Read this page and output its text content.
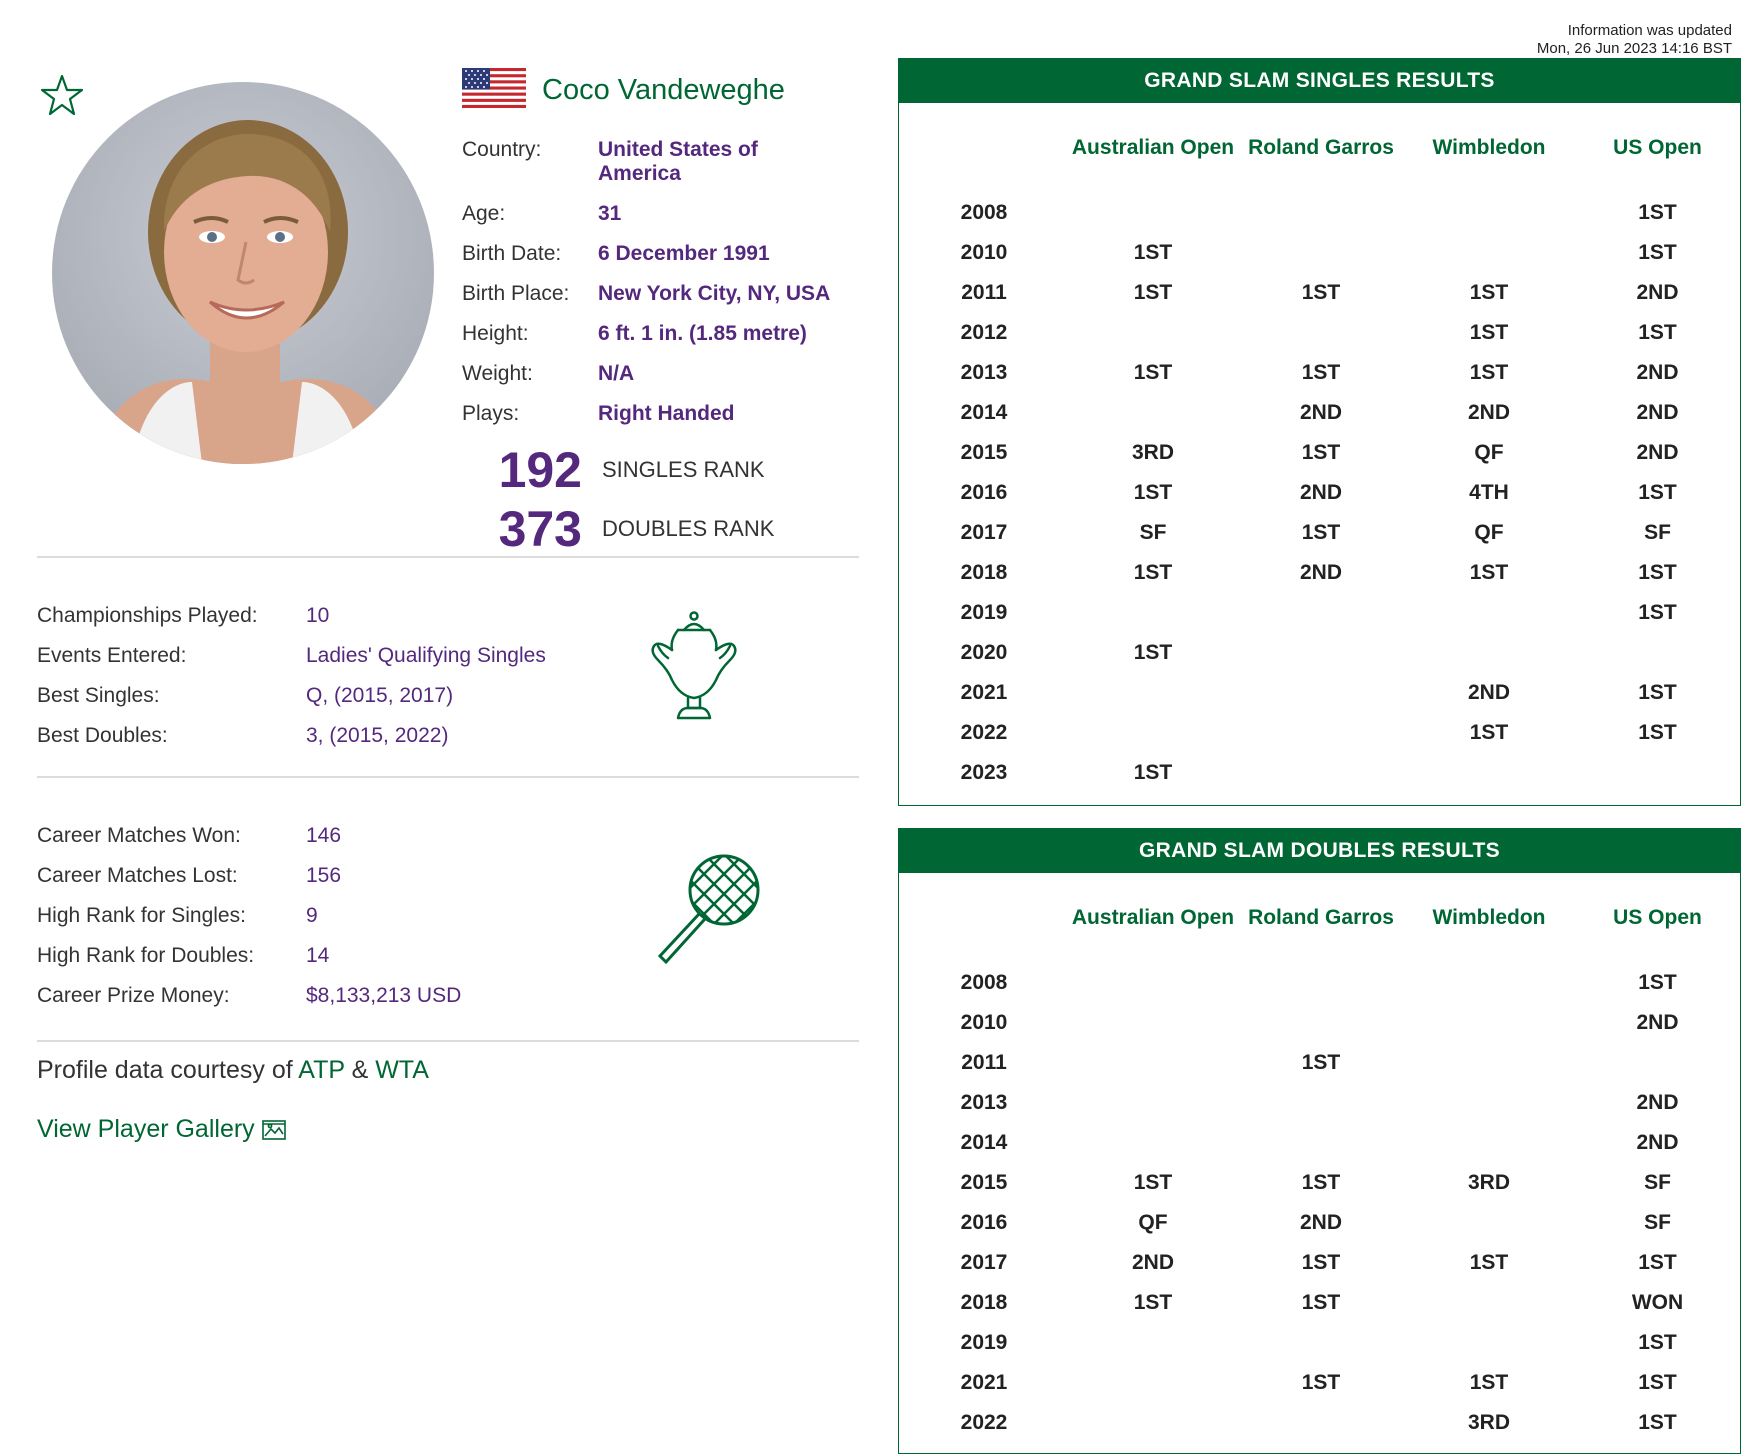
Information was updated
Mon, 26 Jun 2023 14:16 BST
Coco Vandeweghe
Country:	United States of America
Age:	31
Birth Date:	6 December 1991
Birth Place:	New York City, NY, USA
Height:	6 ft. 1 in. (1.85 metre)
Weight:	N/A
Plays:	Right Handed
192 SINGLES RANK
373 DOUBLES RANK
Championships Played:	10
Events Entered:	Ladies' Qualifying Singles
Best Singles:	Q, (2015, 2017)
Best Doubles:	3, (2015, 2022)
Career Matches Won:	146
Career Matches Lost:	156
High Rank for Singles:	9
High Rank for Doubles:	14
Career Prize Money:	$8,133,213 USD
Profile data courtesy of ATP & WTA
View Player Gallery
GRAND SLAM SINGLES RESULTS
	Australian Open	Roland Garros	Wimbledon	US Open
2008				1ST
2010	1ST			1ST
2011	1ST	1ST	1ST	2ND
2012			1ST	1ST
2013	1ST	1ST	1ST	2ND
2014		2ND	2ND	2ND
2015	3RD	1ST	QF	2ND
2016	1ST	2ND	4TH	1ST
2017	SF	1ST	QF	SF
2018	1ST	2ND	1ST	1ST
2019				1ST
2020	1ST			
2021			2ND	1ST
2022			1ST	1ST
2023	1ST			
GRAND SLAM DOUBLES RESULTS
	Australian Open	Roland Garros	Wimbledon	US Open
2008				1ST
2010				2ND
2011		1ST		
2013				2ND
2014				2ND
2015	1ST	1ST	3RD	SF
2016	QF	2ND		SF
2017	2ND	1ST	1ST	1ST
2018	1ST	1ST		WON
2019				1ST
2021		1ST	1ST	1ST
2022			3RD	1ST
